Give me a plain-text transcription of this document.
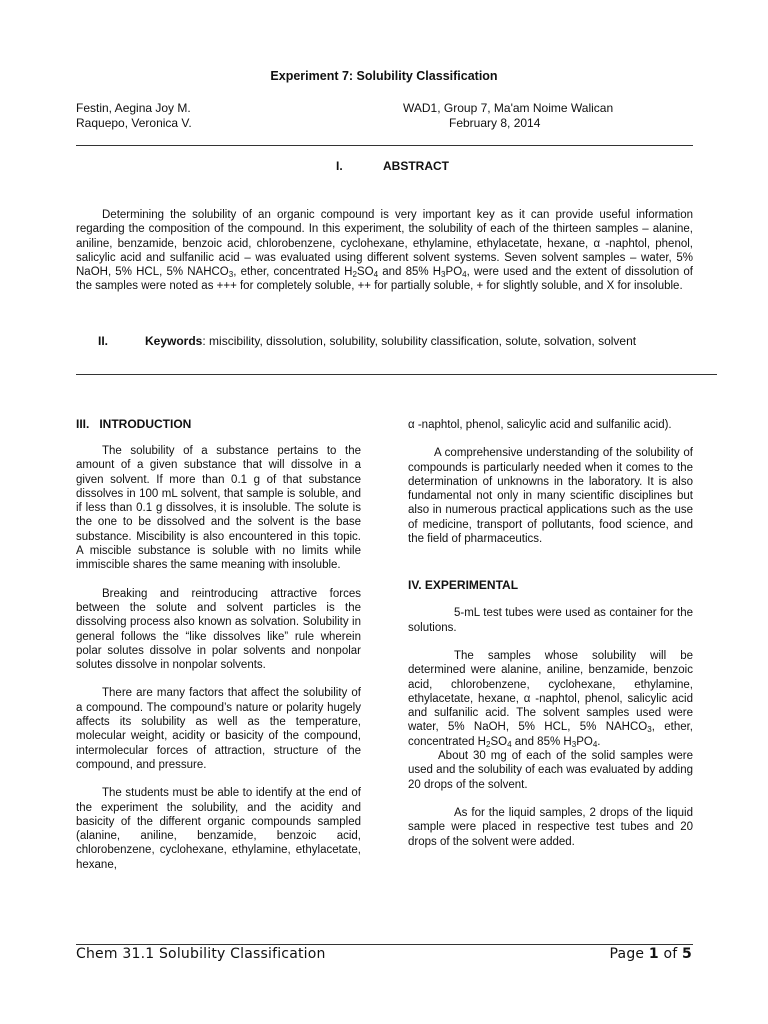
Experiment 7: Solubility Classification
Festin, Aegina Joy M.
Raquepo, Veronica V.
WAD1, Group 7, Ma'am Noime Walican
February 8, 2014
I.	ABSTRACT

Determining the solubility of an organic compound is very important key as it can provide useful information regarding the composition of the compound. In this experiment, the solubility of each of the thirteen samples – alanine, aniline, benzamide, benzoic acid, chlorobenzene, cyclohexane, ethylamine, ethylacetate, hexane, α -naphtol, phenol, salicylic acid and sulfanilic acid – was evaluated using different solvent systems. Seven solvent samples – water, 5% NaOH, 5% HCL, 5% $NAHCO_3$, ether, concentrated $H_2SO_4$ and 85% $H_3PO_4$, were used and the extent of dissolution of the samples were noted as +++ for completely soluble, ++ for partially soluble, + for slightly soluble, and X for insoluble.

II.	Keywords: miscibility, dissolution, solubility, solubility classification, solute, solvation, solvent
III.   INTRODUCTION

The solubility of a substance pertains to the amount of a given substance that will dissolve in a given solvent. If more than 0.1 g of that substance dissolves in 100 mL solvent, that sample is soluble, and if less than 0.1 g dissolves, it is insoluble. The solute is the one to be dissolved and the solvent is the base substance. Miscibility is also encountered in this topic. A miscible substance is soluble with no limits while immiscible shares the same meaning with insoluble.

Breaking and reintroducing attractive forces between the solute and solvent particles is the dissolving process also known as solvation. Solubility in general follows the “like dissolves like” rule wherein polar solutes dissolve in polar solvents and nonpolar solutes dissolve in nonpolar solvents.

There are many factors that affect the solubility of a compound. The compound’s nature or polarity hugely affects its solubility as well as the temperature, molecular weight, acidity or basicity of the compound, intermolecular forces of attraction, structure of the compound, and pressure.

The students must be able to identify at the end of the experiment the solubility, and the acidity and basicity of the different organic compounds sampled (alanine, aniline, benzamide, benzoic acid, chlorobenzene, cyclohexane, ethylamine, ethylacetate, hexane,

α -naphtol, phenol, salicylic acid and sulfanilic acid).

A comprehensive understanding of the solubility of compounds is particularly needed when it comes to the determination of unknowns in the laboratory. It is also fundamental not only in many scientific disciplines but also in numerous practical applications such as the use of medicine, transport of pollutants, food science, and the field of pharmaceutics.

IV. EXPERIMENTAL

5-mL test tubes were used as container for the solutions.

The samples whose solubility will be determined were alanine, aniline, benzamide, benzoic acid, chlorobenzene, cyclohexane, ethylamine, ethylacetate, hexane, α -naphtol, phenol, salicylic acid and sulfanilic acid. The solvent samples used were water, 5% NaOH, 5% HCL, 5% $NAHCO_3$, ether, concentrated $H_2SO_4$ and 85% $H_3PO_4$.

About 30 mg of each of the solid samples were used and the solubility of each was evaluated by adding 20 drops of the solvent.

As for the liquid samples, 2 drops of the liquid sample were placed in respective test tubes and 20 drops of the solvent were added.

Chem 31.1 Solubility Classification	Page 1 of 5
